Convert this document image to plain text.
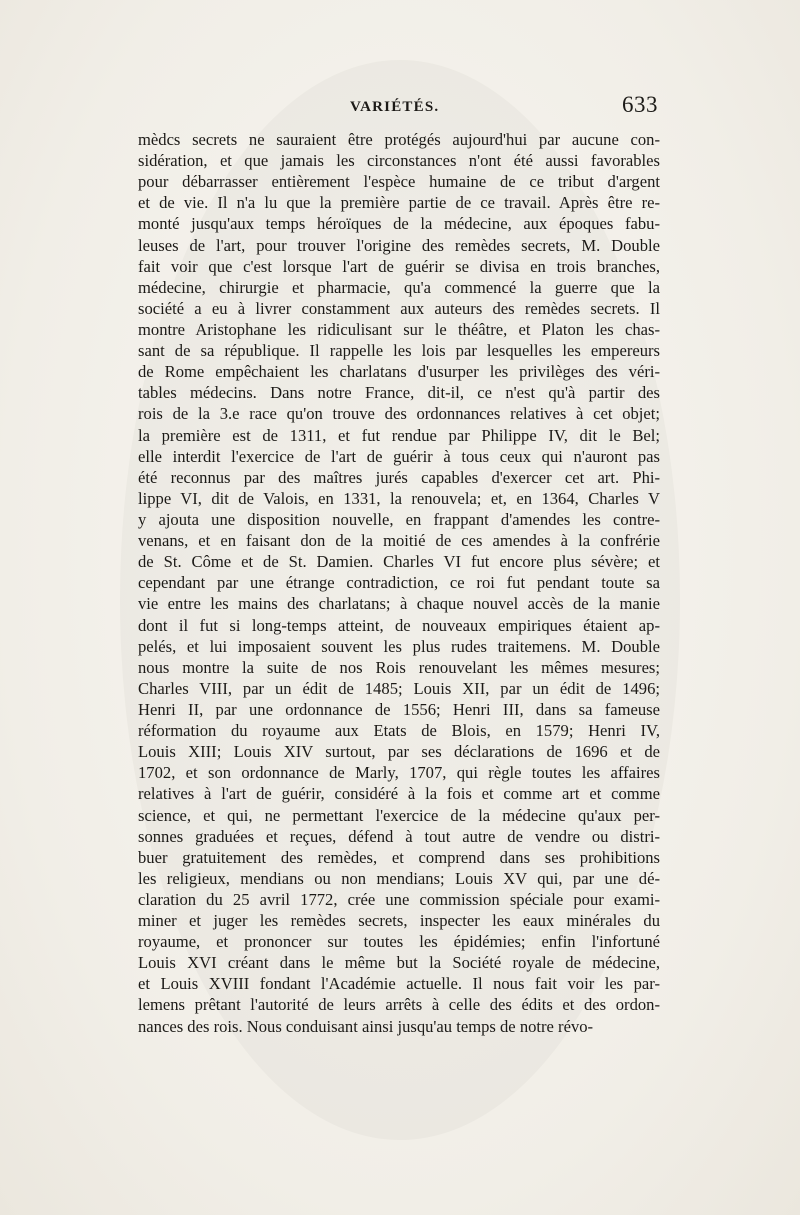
VARIÉTÉS.	633
mèdcs secrets ne sauraient être protégés aujourd'hui par aucune con-
sidération, et que jamais les circonstances n'ont été aussi favorables
pour débarrasser entièrement l'espèce humaine de ce tribut d'argent
et de vie. Il n'a lu que la première partie de ce travail. Après être re-
monté jusqu'aux temps héroïques de la médecine, aux époques fabu-
leuses de l'art, pour trouver l'origine des remèdes secrets, M. Double
fait voir que c'est lorsque l'art de guérir se divisa en trois branches,
médecine, chirurgie et pharmacie, qu'a commencé la guerre que la
société a eu à livrer constamment aux auteurs des remèdes secrets. Il
montre Aristophane les ridiculisant sur le théâtre, et Platon les chas-
sant de sa république. Il rappelle les lois par lesquelles les empereurs
de Rome empêchaient les charlatans d'usurper les privilèges des véri-
tables médecins. Dans notre France, dit-il, ce n'est qu'à partir des
rois de la 3.e race qu'on trouve des ordonnances relatives à cet objet;
la première est de 1311, et fut rendue par Philippe IV, dit le Bel;
elle interdit l'exercice de l'art de guérir à tous ceux qui n'auront pas
été reconnus par des maîtres jurés capables d'exercer cet art. Phi-
lippe VI, dit de Valois, en 1331, la renouvela; et, en 1364, Charles V
y ajouta une disposition nouvelle, en frappant d'amendes les contre-
venans, et en faisant don de la moitié de ces amendes à la confrérie
de St. Côme et de St. Damien. Charles VI fut encore plus sévère; et
cependant par une étrange contradiction, ce roi fut pendant toute sa
vie entre les mains des charlatans; à chaque nouvel accès de la manie
dont il fut si long-temps atteint, de nouveaux empiriques étaient ap-
pelés, et lui imposaient souvent les plus rudes traitemens. M. Double
nous montre la suite de nos Rois renouvelant les mêmes mesures;
Charles VIII, par un édit de 1485; Louis XII, par un édit de 1496;
Henri II, par une ordonnance de 1556; Henri III, dans sa fameuse
réformation du royaume aux Etats de Blois, en 1579; Henri IV,
Louis XIII; Louis XIV surtout, par ses déclarations de 1696 et de
1702, et son ordonnance de Marly, 1707, qui règle toutes les affaires
relatives à l'art de guérir, considéré à la fois et comme art et comme
science, et qui, ne permettant l'exercice de la médecine qu'aux per-
sonnes graduées et reçues, défend à tout autre de vendre ou distri-
buer gratuitement des remèdes, et comprend dans ses prohibitions
les religieux, mendians ou non mendians; Louis XV qui, par une dé-
claration du 25 avril 1772, crée une commission spéciale pour exami-
miner et juger les remèdes secrets, inspecter les eaux minérales du
royaume, et prononcer sur toutes les épidémies; enfin l'infortuné
Louis XVI créant dans le même but la Société royale de médecine,
et Louis XVIII fondant l'Académie actuelle. Il nous fait voir les par-
lemens prêtant l'autorité de leurs arrêts à celle des édits et des ordon-
nances des rois. Nous conduisant ainsi jusqu'au temps de notre révo-
